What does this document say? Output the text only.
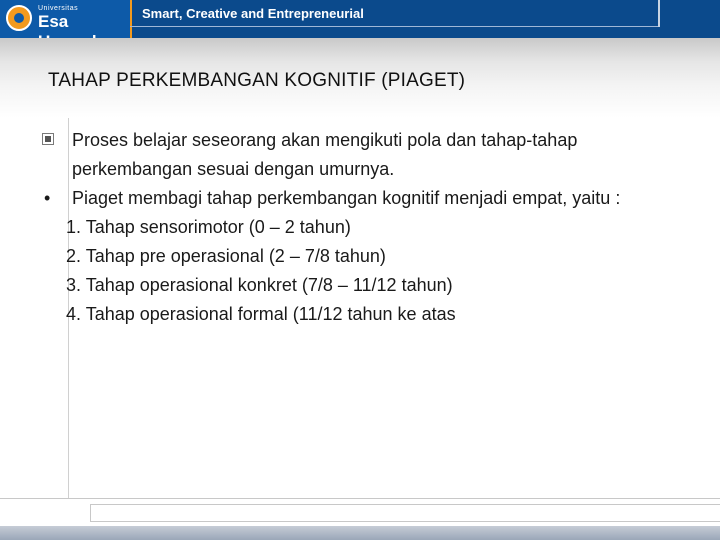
Universitas
Esa	Smart, Creative and Entrepreneurial
TAHAP PERKEMBANGAN KOGNITIF (PIAGET)
Proses belajar seseorang akan mengikuti pola dan tahap-tahap perkembangan sesuai dengan umurnya.
• Piaget membagi tahap perkembangan kognitif menjadi empat, yaitu :
1. Tahap sensorimotor (0 – 2 tahun)
2. Tahap pre operasional (2 – 7/8 tahun)
3. Tahap operasional konkret (7/8 – 11/12 tahun)
4. Tahap operasional formal (11/12 tahun ke atas
